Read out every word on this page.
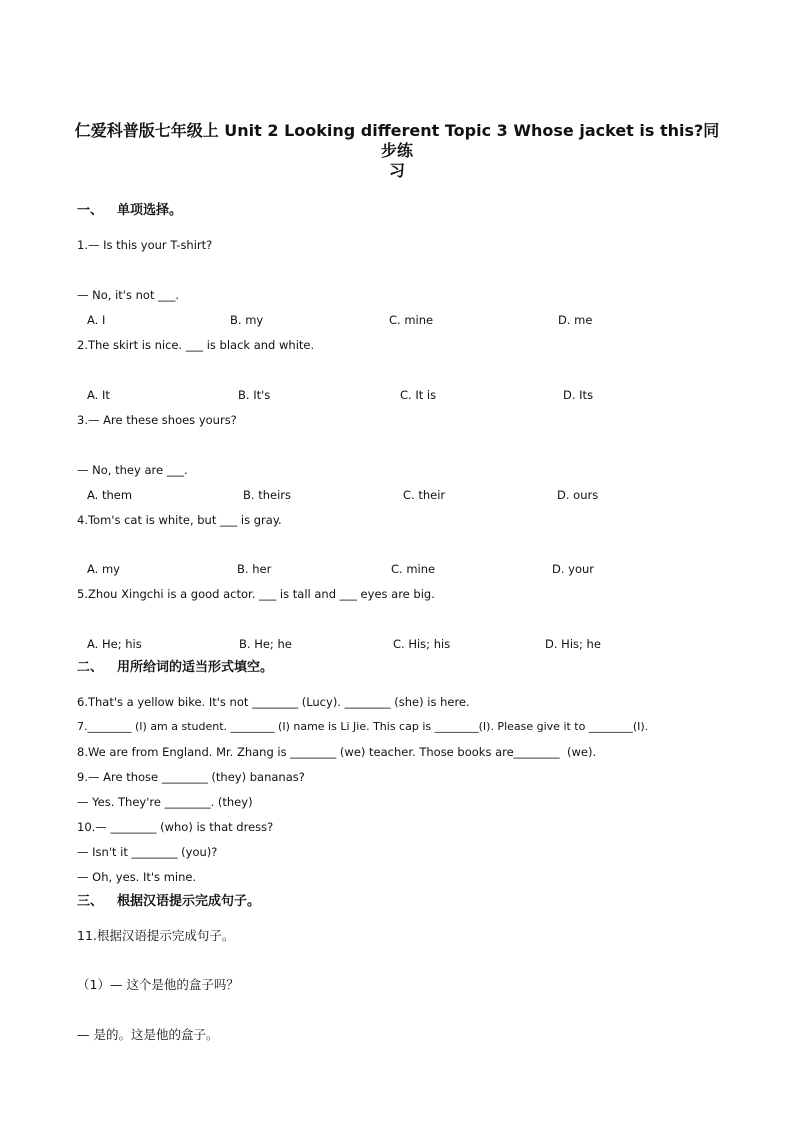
仁爱科普版七年级上 Unit 2 Looking different Topic 3 Whose jacket is this?同步练
习
一、 单项选择。
1.— Is this your T-shirt?
— No, it's not ___.
A. I	B. my	C. mine	D. me
2.The skirt is nice. ___ is black and white.
A. It	B. It's	C. It is	D. Its
3.— Are these shoes yours?
— No, they are ___.
A. them	B. theirs	C. their	D. ours
4.Tom's cat is white, but ___ is gray.
A. my	B. her	C. mine	D. your
5.Zhou Xingchi is a good actor. ___ is tall and ___ eyes are big.
A. He; his	B. He; he	C. His; his	D. His; he
二、 用所给词的适当形式填空。
6.That's a yellow bike. It's not ________ (Lucy). ________ (she) is here.
7.________ (I) am a student. ________ (I) name is Li Jie. This cap is ________(I). Please give it to ________(I).
8.We are from England. Mr. Zhang is ________ (we) teacher. Those books are________  (we).
9.— Are those ________ (they) bananas?
— Yes. They're ________. (they)
10.— ________ (who) is that dress?
— Isn't it ________ (you)?
— Oh, yes. It's mine.
三、 根据汉语提示完成句子。
11.根据汉语提示完成句子。
（1）— 这个是他的盒子吗？
— 是的。这是他的盒子。
